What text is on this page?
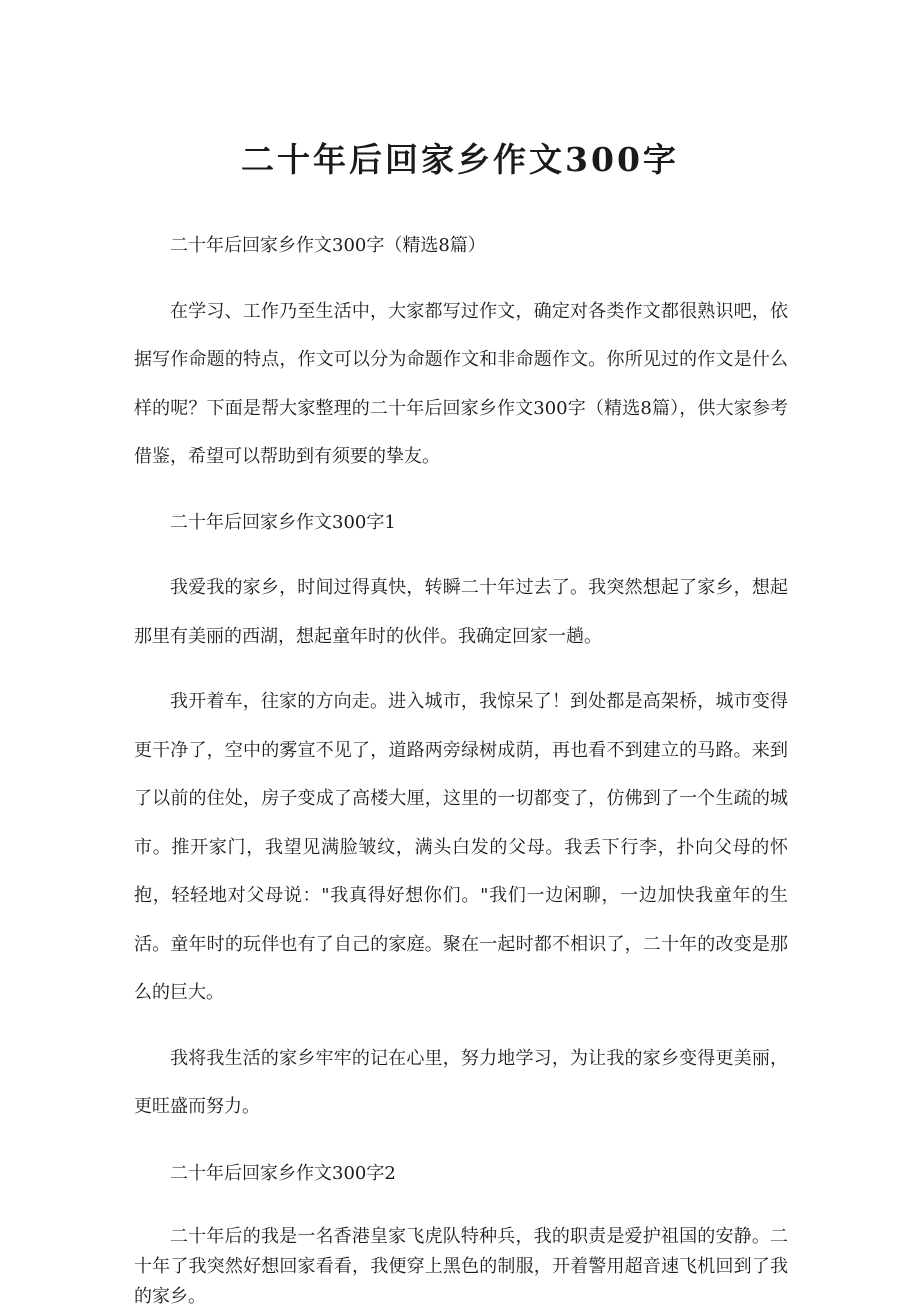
二十年后回家乡作文300字

二十年后回家乡作文300字（精选8篇）

在学习、工作乃至生活中，大家都写过作文，确定对各类作文都很熟识吧，依据写作命题的特点，作文可以分为命题作文和非命题作文。你所见过的作文是什么样的呢？下面是帮大家整理的二十年后回家乡作文300字（精选8篇），供大家参考借鉴，希望可以帮助到有须要的挚友。

二十年后回家乡作文300字1

我爱我的家乡，时间过得真快，转瞬二十年过去了。我突然想起了家乡，想起那里有美丽的西湖，想起童年时的伙伴。我确定回家一趟。

我开着车，往家的方向走。进入城市，我惊呆了！到处都是高架桥，城市变得更干净了，空中的雾宣不见了，道路两旁绿树成荫，再也看不到建立的马路。来到了以前的住处，房子变成了高楼大厘，这里的一切都变了，仿佛到了一个生疏的城市。推开家门，我望见满脸皱纹，满头白发的父母。我丢下行李，扑向父母的怀抱，轻轻地对父母说："我真得好想你们。"我们一边闲聊，一边加快我童年的生活。童年时的玩伴也有了自己的家庭。聚在一起时都不相识了，二十年的改变是那么的巨大。

我将我生活的家乡牢牢的记在心里，努力地学习，为让我的家乡变得更美丽，更旺盛而努力。

二十年后回家乡作文300字2

二十年后的我是一名香港皇家飞虎队特种兵，我的职责是爱护祖国的安静。二十年了我突然好想回家看看，我便穿上黑色的制服，开着警用超音速飞机回到了我的家乡。
